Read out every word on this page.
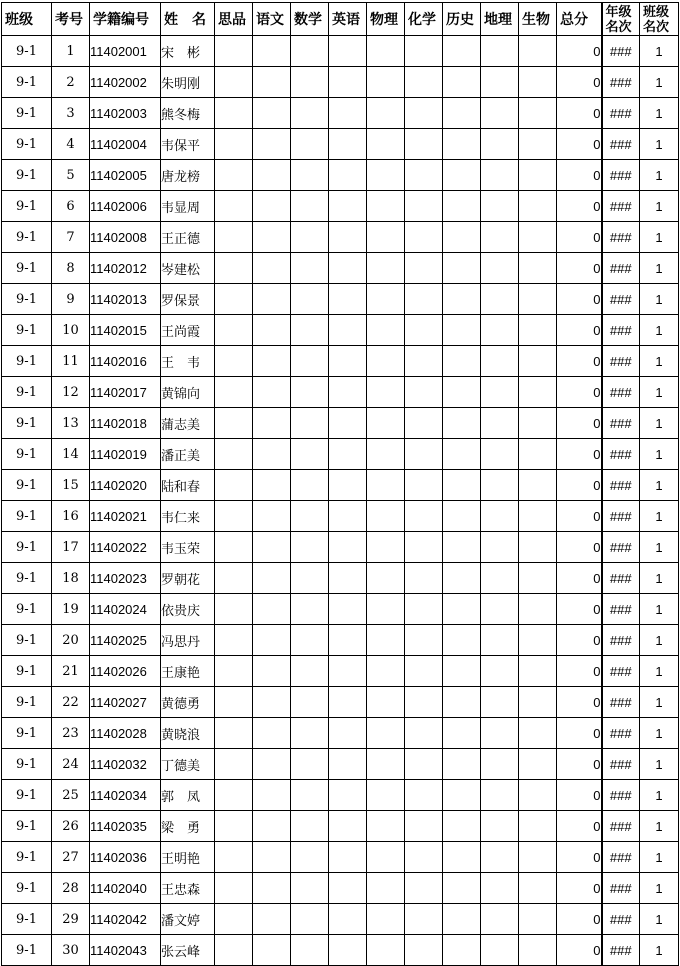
班级	考号	学籍编号	姓　名	思品	语文	数学	英语	物理	化学	历史	地理	生物	总分	年级名次	班级名次
9-1	1	11402001	宋　彬										0	###	1
9-1	2	11402002	朱明刚										0	###	1
9-1	3	11402003	熊冬梅										0	###	1
9-1	4	11402004	韦保平										0	###	1
9-1	5	11402005	唐龙榜										0	###	1
9-1	6	11402006	韦显周										0	###	1
9-1	7	11402008	王正德										0	###	1
9-1	8	11402012	岑建松										0	###	1
9-1	9	11402013	罗保景										0	###	1
9-1	10	11402015	王尚霞										0	###	1
9-1	11	11402016	王　韦										0	###	1
9-1	12	11402017	黄锦向										0	###	1
9-1	13	11402018	蒲志美										0	###	1
9-1	14	11402019	潘正美										0	###	1
9-1	15	11402020	陆和春										0	###	1
9-1	16	11402021	韦仁来										0	###	1
9-1	17	11402022	韦玉荣										0	###	1
9-1	18	11402023	罗朝花										0	###	1
9-1	19	11402024	依贵庆										0	###	1
9-1	20	11402025	冯思丹										0	###	1
9-1	21	11402026	王康艳										0	###	1
9-1	22	11402027	黄德勇										0	###	1
9-1	23	11402028	黄晓浪										0	###	1
9-1	24	11402032	丁德美										0	###	1
9-1	25	11402034	郭　凤										0	###	1
9-1	26	11402035	梁　勇										0	###	1
9-1	27	11402036	王明艳										0	###	1
9-1	28	11402040	王忠森										0	###	1
9-1	29	11402042	潘文婷										0	###	1
9-1	30	11402043	张云峰										0	###	1
